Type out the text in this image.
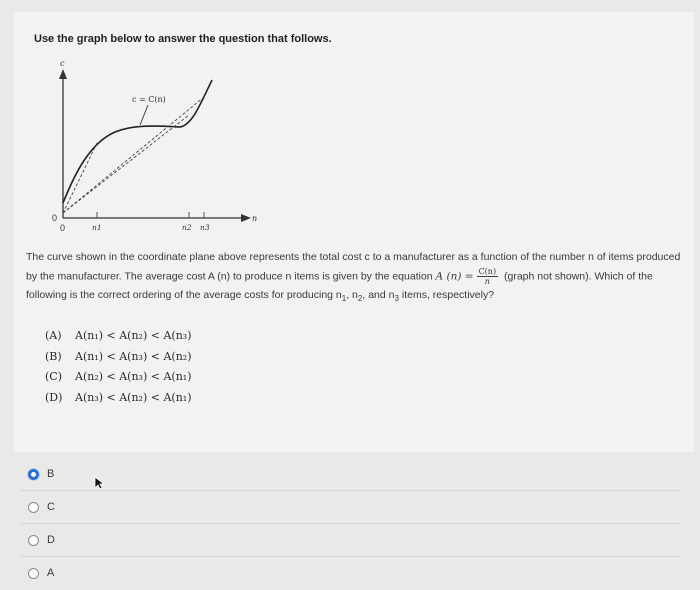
Use the graph below to answer the question that follows.
c
n
0
0	n1	n2 n3
c = C(n)
The curve shown in the coordinate plane above represents the total cost c to a manufacturer as a function of the number n of items produced by the manufacturer. The average cost A (n) to produce n items is given by the equation A $(n) = \frac{C(n)}{n}$ (graph not shown). Which of the following is the correct ordering of the average costs for producing $n_1$, $n_2$, and $n_3$ items, respectively?
(A) A(n₁) < A(n₂) < A(n₃)
(B) A(n₁) < A(n₃) < A(n₂)
(C) A(n₂) < A(n₃) < A(n₁)
(D) A(n₃) < A(n₂) < A(n₁)
B
C
D
A
